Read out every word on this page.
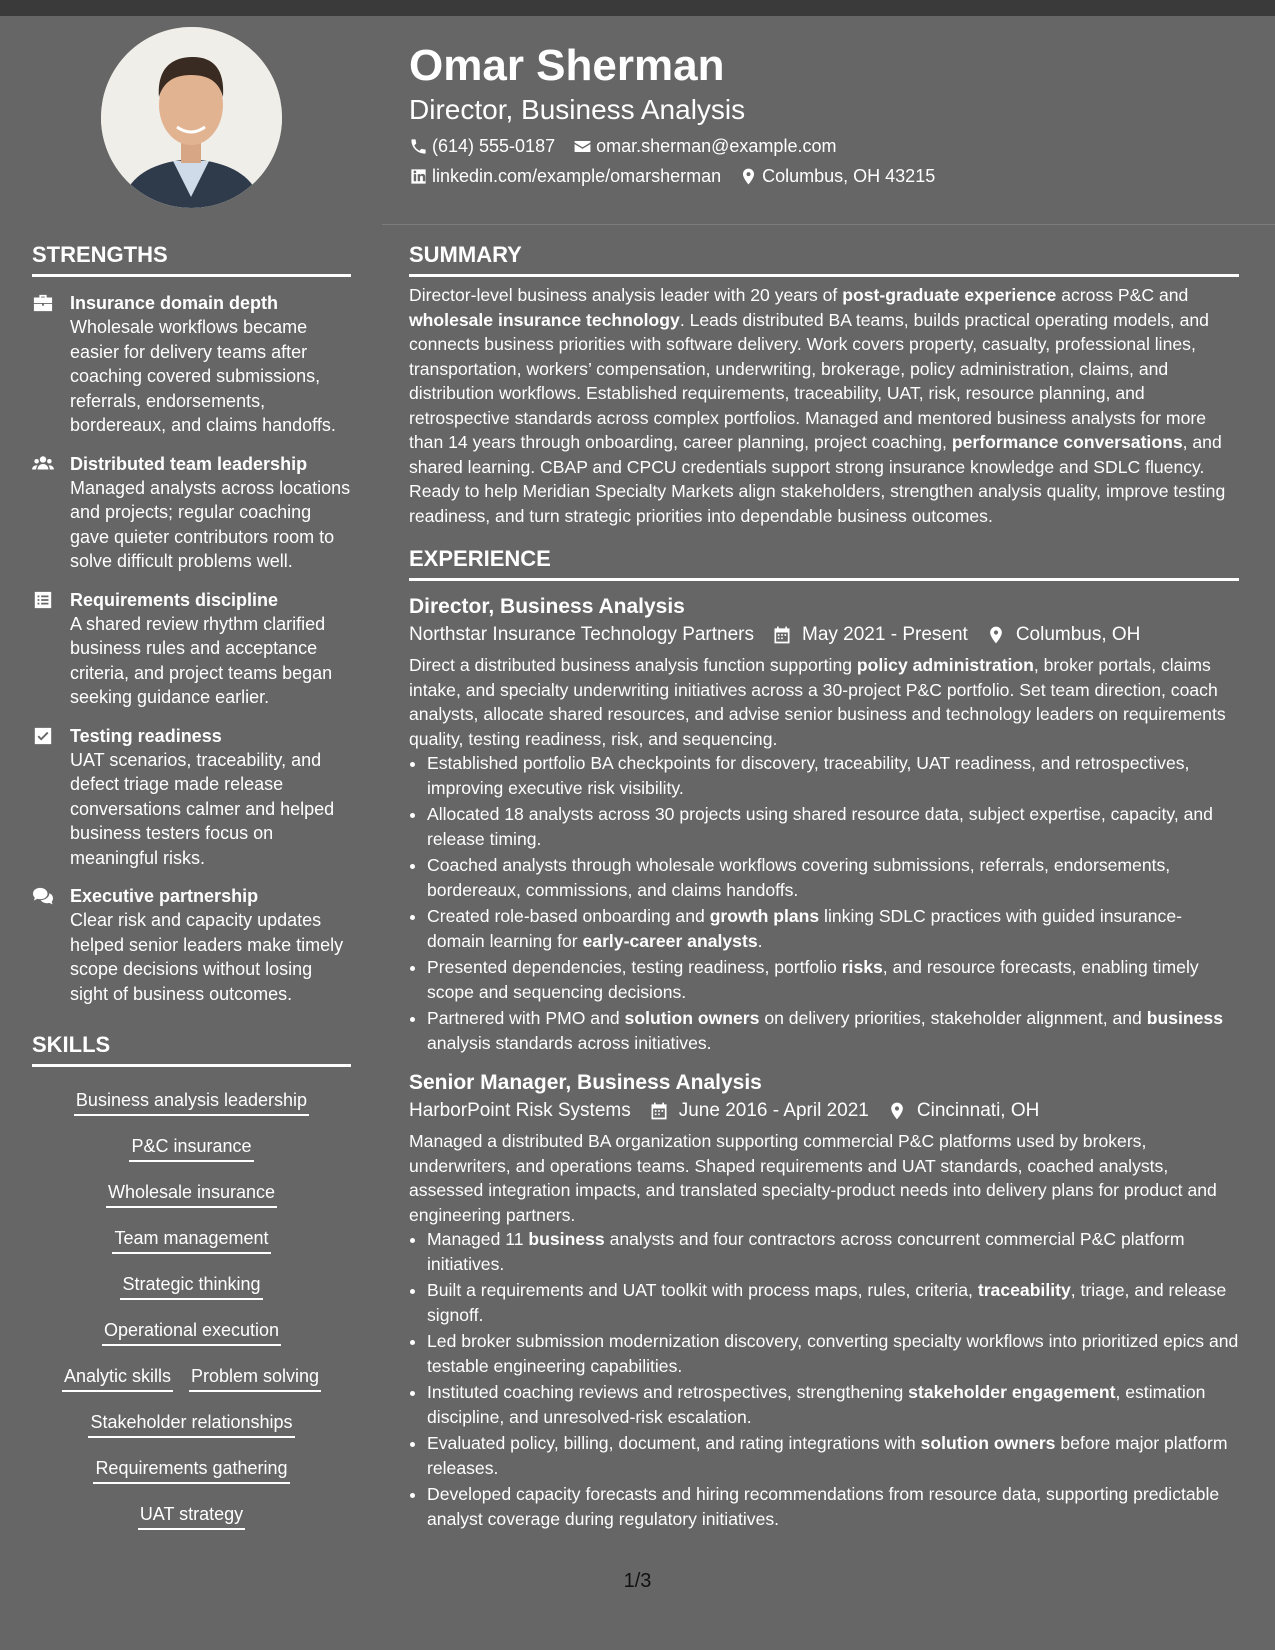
Omar Sherman
Director, Business Analysis
(614) 555-0187 omar.sherman@example.com
linkedin.com/example/omarsherman Columbus, OH 43215
STRENGTHS
Insurance domain depth
Wholesale workflows became easier for delivery teams after coaching covered submissions, referrals, endorsements, bordereaux, and claims handoffs.
Distributed team leadership
Managed analysts across locations and projects; regular coaching gave quieter contributors room to solve difficult problems well.
Requirements discipline
A shared review rhythm clarified business rules and acceptance criteria, and project teams began seeking guidance earlier.
Testing readiness
UAT scenarios, traceability, and defect triage made release conversations calmer and helped business testers focus on meaningful risks.
Executive partnership
Clear risk and capacity updates helped senior leaders make timely scope decisions without losing sight of business outcomes.
SKILLS
Business analysis leadership
P&C insurance
Wholesale insurance
Team management
Strategic thinking
Operational execution
Analytic skills Problem solving
Stakeholder relationships
Requirements gathering
UAT strategy
SUMMARY

Director-level business analysis leader with 20 years of post-graduate experience across P&C and wholesale insurance technology. Leads distributed BA teams, builds practical operating models, and connects business priorities with software delivery. Work covers property, casualty, professional lines, transportation, workers’ compensation, underwriting, brokerage, policy administration, claims, and distribution workflows. Established requirements, traceability, UAT, risk, resource planning, and retrospective standards across complex portfolios. Managed and mentored business analysts for more than 14 years through onboarding, career planning, project coaching, performance conversations, and shared learning. CBAP and CPCU credentials support strong insurance knowledge and SDLC fluency. Ready to help Meridian Specialty Markets align stakeholders, strengthen analysis quality, improve testing readiness, and turn strategic priorities into dependable business outcomes.

EXPERIENCE
Director, Business Analysis
Northstar Insurance Technology Partners	May 2021 - Present	Columbus, OH

Direct a distributed business analysis function supporting policy administration, broker portals, claims intake, and specialty underwriting initiatives across a 30-project P&C portfolio. Set team direction, coach analysts, allocate shared resources, and advise senior business and technology leaders on requirements quality, testing readiness, risk, and sequencing.

• Established portfolio BA checkpoints for discovery, traceability, UAT readiness, and retrospectives, improving executive risk visibility.
• Allocated 18 analysts across 30 projects using shared resource data, subject expertise, capacity, and release timing.
• Coached analysts through wholesale workflows covering submissions, referrals, endorsements, bordereaux, commissions, and claims handoffs.
• Created role-based onboarding and growth plans linking SDLC practices with guided insurance-domain learning for early-career analysts.
• Presented dependencies, testing readiness, portfolio risks, and resource forecasts, enabling timely scope and sequencing decisions.
• Partnered with PMO and solution owners on delivery priorities, stakeholder alignment, and business analysis standards across initiatives.
Senior Manager, Business Analysis
HarborPoint Risk Systems	June 2016 - April 2021	Cincinnati, OH

Managed a distributed BA organization supporting commercial P&C platforms used by brokers, underwriters, and operations teams. Shaped requirements and UAT standards, coached analysts, assessed integration impacts, and translated specialty-product needs into delivery plans for product and engineering partners.

• Managed 11 business analysts and four contractors across concurrent commercial P&C platform initiatives.
• Built a requirements and UAT toolkit with process maps, rules, criteria, traceability, triage, and release signoff.
• Led broker submission modernization discovery, converting specialty workflows into prioritized epics and testable engineering capabilities.
• Instituted coaching reviews and retrospectives, strengthening stakeholder engagement, estimation discipline, and unresolved-risk escalation.
• Evaluated policy, billing, document, and rating integrations with solution owners before major platform releases.
• Developed capacity forecasts and hiring recommendations from resource data, supporting predictable analyst coverage during regulatory initiatives.
1/3
